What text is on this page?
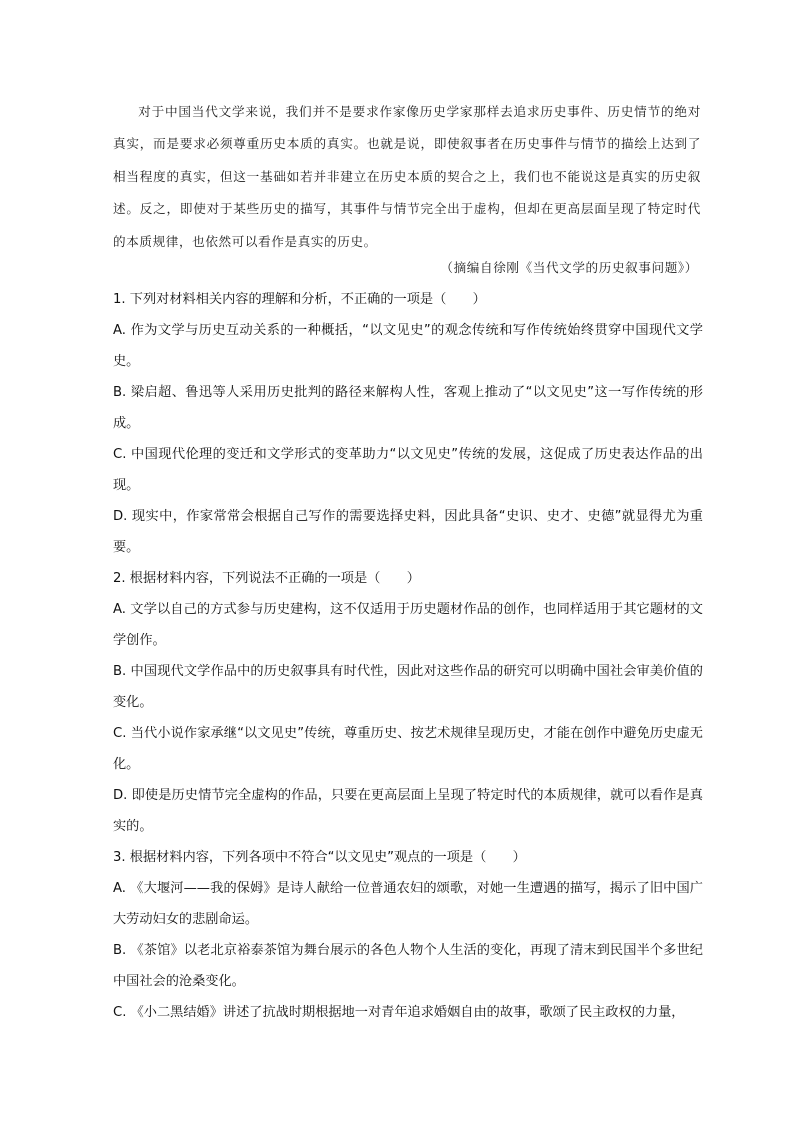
对于中国当代文学来说，我们并不是要求作家像历史学家那样去追求历史事件、历史情节的绝对真实，而是要求必须尊重历史本质的真实。也就是说，即使叙事者在历史事件与情节的描绘上达到了相当程度的真实，但这一基础如若并非建立在历史本质的契合之上，我们也不能说这是真实的历史叙述。反之，即使对于某些历史的描写，其事件与情节完全出于虚构，但却在更高层面呈现了特定时代的本质规律，也依然可以看作是真实的历史。

（摘编自徐刚《当代文学的历史叙事问题》）

1. 下列对材料相关内容的理解和分析，不正确的一项是（　　）

A. 作为文学与历史互动关系的一种概括，“以文见史”的观念传统和写作传统始终贯穿中国现代文学史。

B. 梁启超、鲁迅等人采用历史批判的路径来解构人性，客观上推动了“以文见史”这一写作传统的形成。

C. 中国现代伦理的变迁和文学形式的变革助力“以文见史”传统的发展，这促成了历史表达作品的出现。

D. 现实中，作家常常会根据自己写作的需要选择史料，因此具备“史识、史才、史德”就显得尤为重要。

2. 根据材料内容，下列说法不正确的一项是（　　）

A. 文学以自己的方式参与历史建构，这不仅适用于历史题材作品的创作，也同样适用于其它题材的文学创作。

B. 中国现代文学作品中的历史叙事具有时代性，因此对这些作品的研究可以明确中国社会审美价值的变化。

C. 当代小说作家承继“以文见史”传统，尊重历史、按艺术规律呈现历史，才能在创作中避免历史虚无化。

D. 即使是历史情节完全虚构的作品，只要在更高层面上呈现了特定时代的本质规律，就可以看作是真实的。

3. 根据材料内容，下列各项中不符合“以文见史”观点的一项是（　　）

A. 《大堰河——我的保姆》是诗人献给一位普通农妇的颂歌，对她一生遭遇的描写，揭示了旧中国广大劳动妇女的悲剧命运。

B. 《茶馆》以老北京裕泰茶馆为舞台展示的各色人物个人生活的变化，再现了清末到民国半个多世纪中国社会的沧桑变化。

C. 《小二黑结婚》讲述了抗战时期根据地一对青年追求婚姻自由的故事，歌颂了民主政权的力量，
